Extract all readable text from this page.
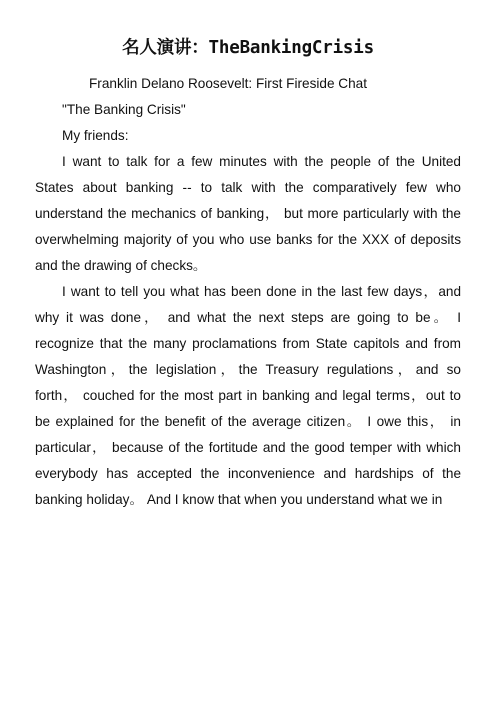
名人演讲：TheBankingCrisis

Franklin Delano Roosevelt: First Fireside Chat

"The Banking Crisis"

My friends:

I want to talk for a few minutes with the people of the United States about banking -- to talk with the comparatively few who understand the mechanics of banking， but more particularly with the overwhelming majority of you who use banks for the XXX of deposits and the drawing of checks。

I want to tell you what has been done in the last few days，and why it was done， and what the next steps are going to be。 I recognize that the many proclamations from State capitols and from Washington，the legislation，the Treasury regulations，and so forth， couched for the most part in banking and legal terms，out to be explained for the benefit of the average citizen。 I owe this， in particular， because of the fortitude and the good temper with which everybody has accepted the inconvenience and hardships of the banking holiday。 And I know that when you understand what we in
